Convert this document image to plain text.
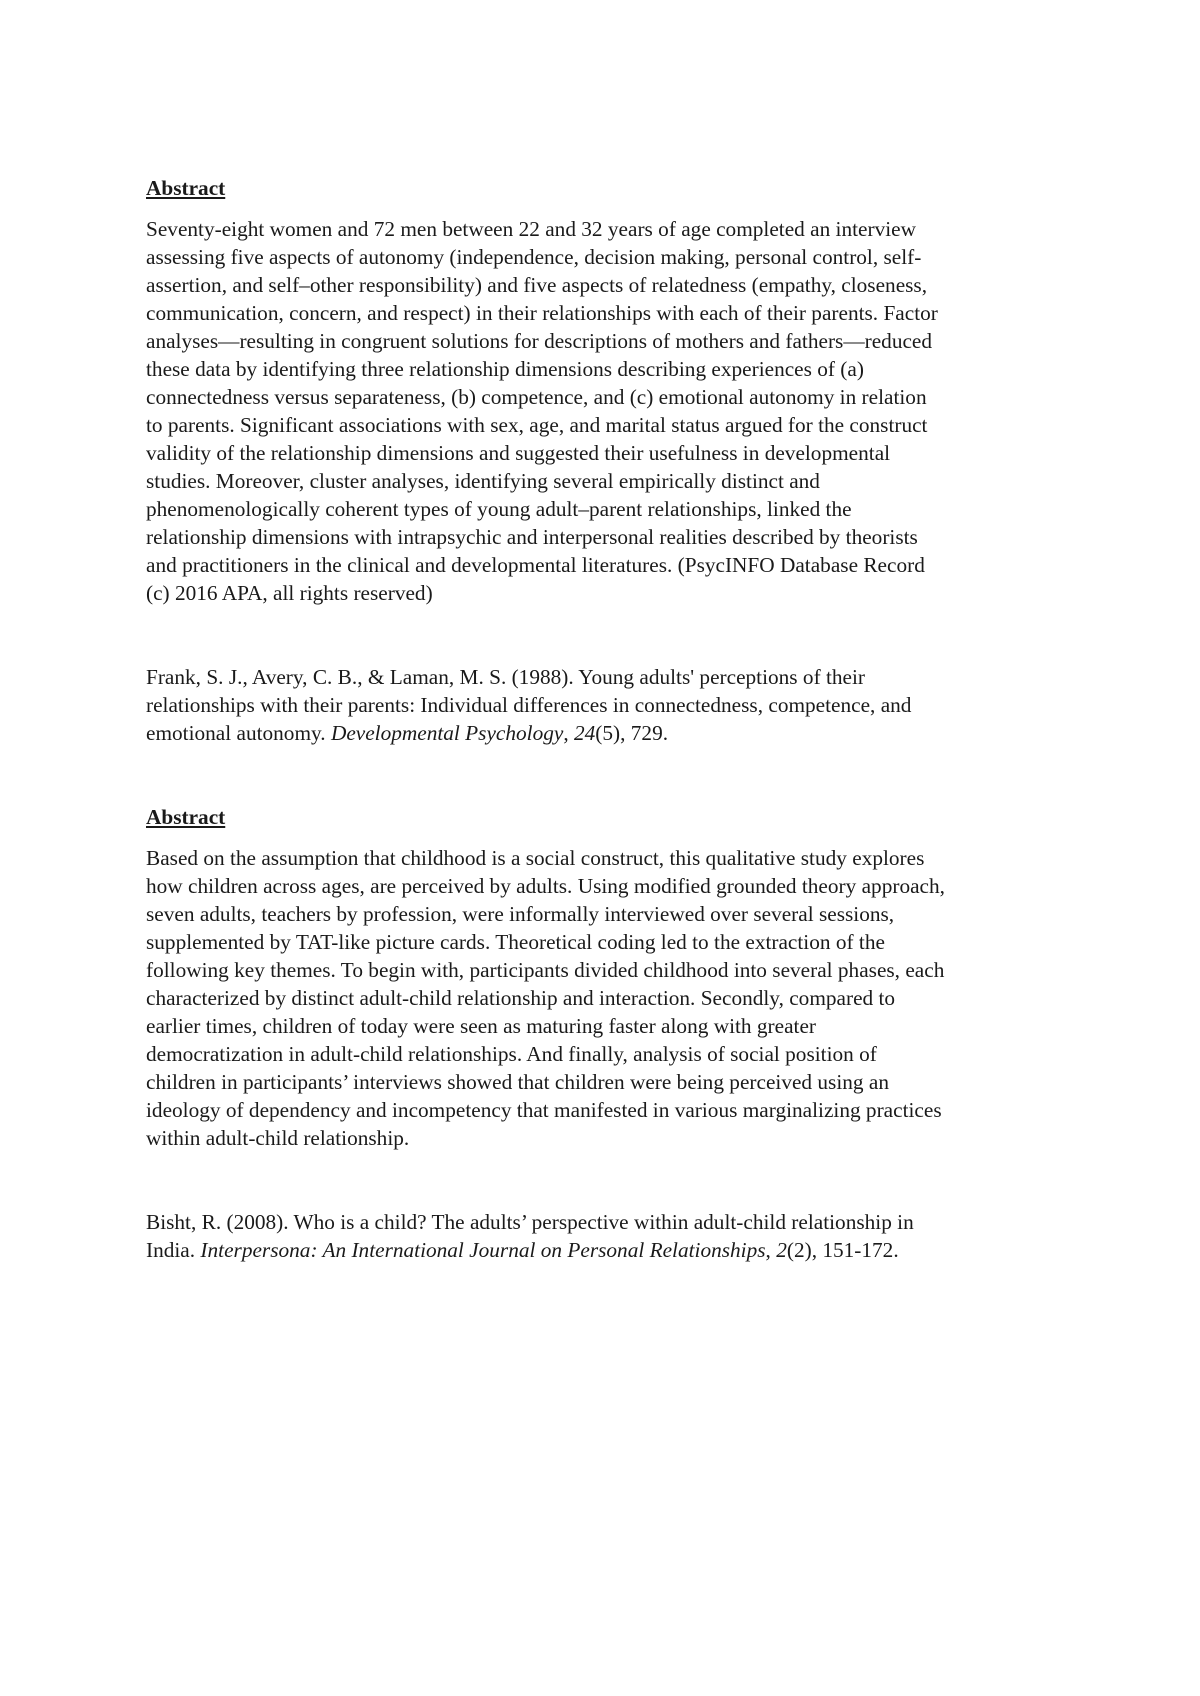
Abstract
Seventy-eight women and 72 men between 22 and 32 years of age completed an interview
assessing five aspects of autonomy (independence, decision making, personal control, self-
assertion, and self–other responsibility) and five aspects of relatedness (empathy, closeness,
communication, concern, and respect) in their relationships with each of their parents. Factor
analyses—resulting in congruent solutions for descriptions of mothers and fathers—reduced
these data by identifying three relationship dimensions describing experiences of (a)
connectedness versus separateness, (b) competence, and (c) emotional autonomy in relation
to parents. Significant associations with sex, age, and marital status argued for the construct
validity of the relationship dimensions and suggested their usefulness in developmental
studies. Moreover, cluster analyses, identifying several empirically distinct and
phenomenologically coherent types of young adult–parent relationships, linked the
relationship dimensions with intrapsychic and interpersonal realities described by theorists
and practitioners in the clinical and developmental literatures. (PsycINFO Database Record
(c) 2016 APA, all rights reserved)
Frank, S. J., Avery, C. B., & Laman, M. S. (1988). Young adults' perceptions of their
relationships with their parents: Individual differences in connectedness, competence, and
emotional autonomy. Developmental Psychology, 24(5), 729.
Abstract
Based on the assumption that childhood is a social construct, this qualitative study explores
how children across ages, are perceived by adults. Using modified grounded theory approach,
seven adults, teachers by profession, were informally interviewed over several sessions,
supplemented by TAT-like picture cards. Theoretical coding led to the extraction of the
following key themes. To begin with, participants divided childhood into several phases, each
characterized by distinct adult-child relationship and interaction. Secondly, compared to
earlier times, children of today were seen as maturing faster along with greater
democratization in adult-child relationships. And finally, analysis of social position of
children in participants’ interviews showed that children were being perceived using an
ideology of dependency and incompetency that manifested in various marginalizing practices
within adult-child relationship.
Bisht, R. (2008). Who is a child? The adults’ perspective within adult-child relationship in
India. Interpersona: An International Journal on Personal Relationships, 2(2), 151-172.
